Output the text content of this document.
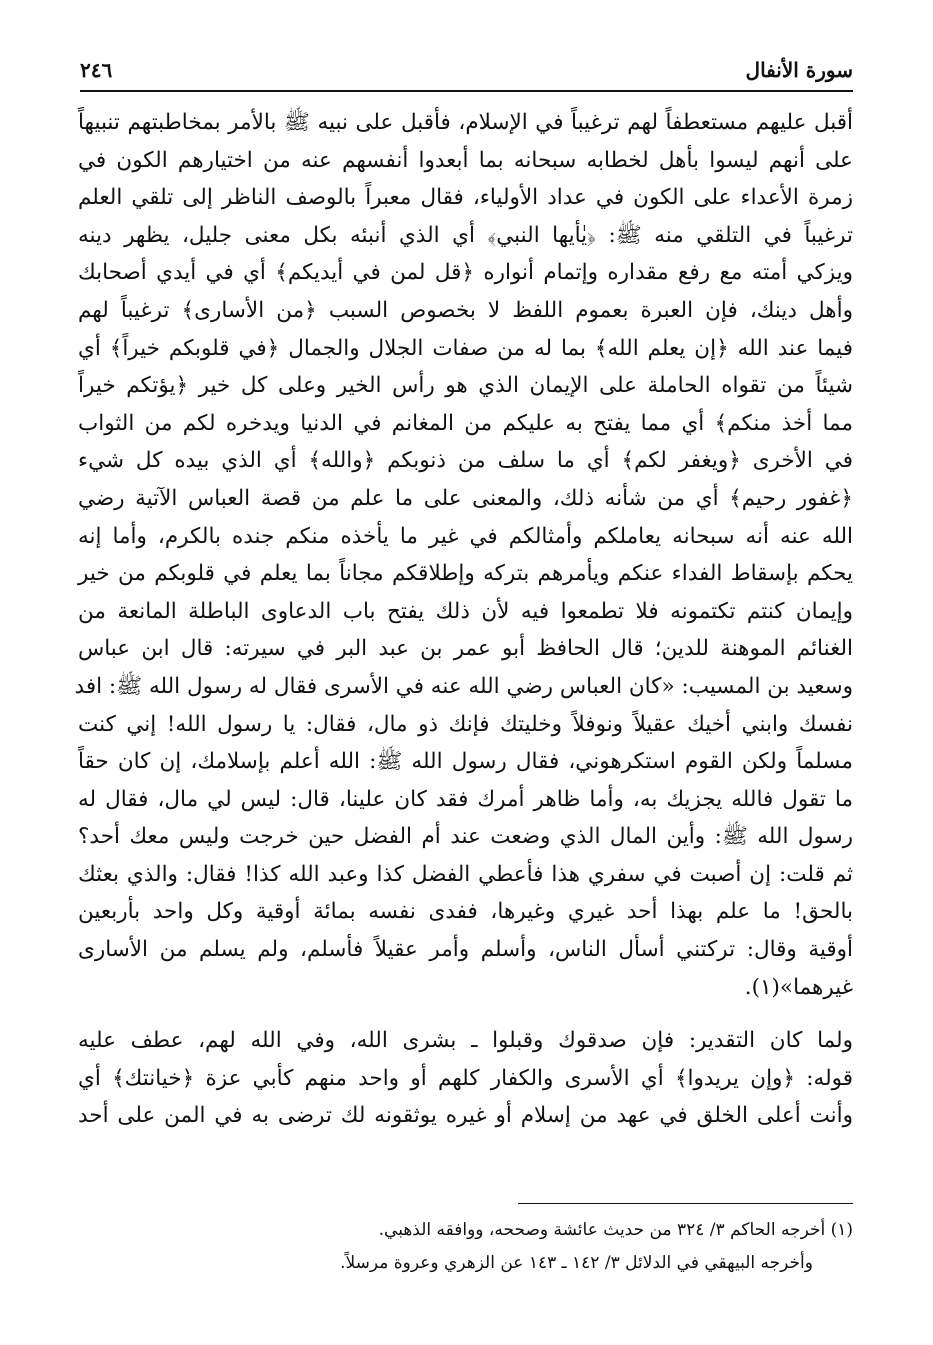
٢٤٦	سورة الأنفال

أقبل عليهم مستعطفاً لهم ترغيباً في الإسلام، فأقبل على نبيه ﷺ بالأمر بمخاطبتهم تنبيهاً
على أنهم ليسوا بأهل لخطابه سبحانه بما أبعدوا أنفسهم عنه من اختيارهم الكون في
زمرة الأعداء على الكون في عداد الأولياء، فقال معبراً بالوصف الناظر إلى تلقي العلم
ترغيباً في التلقي منه ﷺ: ﴿يٰأيها النبي﴾ أي الذي أنبئه بكل معنى جليل، يظهر دينه
ويزكي أمته مع رفع مقداره وإتمام أنواره ﴿قل لمن في أيديكم﴾ أي في أيدي أصحابك
وأهل دينك، فإن العبرة بعموم اللفظ لا بخصوص السبب ﴿من الأسارى﴾ ترغيباً لهم
فيما عند الله ﴿إن يعلم الله﴾ بما له من صفات الجلال والجمال ﴿في قلوبكم خيراً﴾ أي
شيئاً من تقواه الحاملة على الإيمان الذي هو رأس الخير وعلى كل خير ﴿يؤتكم خيراً
مما أخذ منكم﴾ أي مما يفتح به عليكم من المغانم في الدنيا ويدخره لكم من الثواب
في الأخرى ﴿ويغفر لكم﴾ أي ما سلف من ذنوبكم ﴿والله﴾ أي الذي بيده كل شيء
﴿غفور رحيم﴾ أي من شأنه ذلك، والمعنى على ما علم من قصة العباس الآتية رضي
الله عنه أنه سبحانه يعاملكم وأمثالكم في غير ما يأخذه منكم جنده بالكرم، وأما إنه
يحكم بإسقاط الفداء عنكم ويأمرهم بتركه وإطلاقكم مجاناً بما يعلم في قلوبكم من خير
وإيمان كنتم تكتمونه فلا تطمعوا فيه لأن ذلك يفتح باب الدعاوى الباطلة المانعة من
الغنائم الموهنة للدين؛ قال الحافظ أبو عمر بن عبد البر في سيرته: قال ابن عباس
وسعيد بن المسيب: «كان العباس رضي الله عنه في الأسرى فقال له رسول الله ﷺ: افد
نفسك وابني أخيك عقيلاً ونوفلاً وخليتك فإنك ذو مال، فقال: يا رسول الله! إني كنت
مسلماً ولكن القوم استكرهوني، فقال رسول الله ﷺ: الله أعلم بإسلامك، إن كان حقاً
ما تقول فالله يجزيك به، وأما ظاهر أمرك فقد كان علينا، قال: ليس لي مال، فقال له
رسول الله ﷺ: وأين المال الذي وضعت عند أم الفضل حين خرجت وليس معك أحد؟
ثم قلت: إن أصبت في سفري هذا فأعطي الفضل كذا وعبد الله كذا! فقال: والذي بعثك
بالحق! ما علم بهذا أحد غيري وغيرها، ففدى نفسه بمائة أوقية وكل واحد بأربعين
أوقية وقال: تركتني أسأل الناس، وأسلم وأمر عقيلاً فأسلم، ولم يسلم من الأسارى
غيرهما»(١).

ولما كان التقدير: فإن صدقوك وقبلوا ـ بشرى الله، وفي الله لهم، عطف عليه
قوله: ﴿وإن يريدوا﴾ أي الأسرى والكفار كلهم أو واحد منهم كأبي عزة ﴿خيانتك﴾ أي
وأنت أعلى الخلق في عهد من إسلام أو غيره يوثقونه لك ترضى به في المن على أحد

(١) أخرجه الحاكم ٣/ ٣٢٤ من حديث عائشة وصححه، ووافقه الذهبي.
وأخرجه البيهقي في الدلائل ٣/ ١٤٢ ـ ١٤٣ عن الزهري وعروة مرسلاً.
